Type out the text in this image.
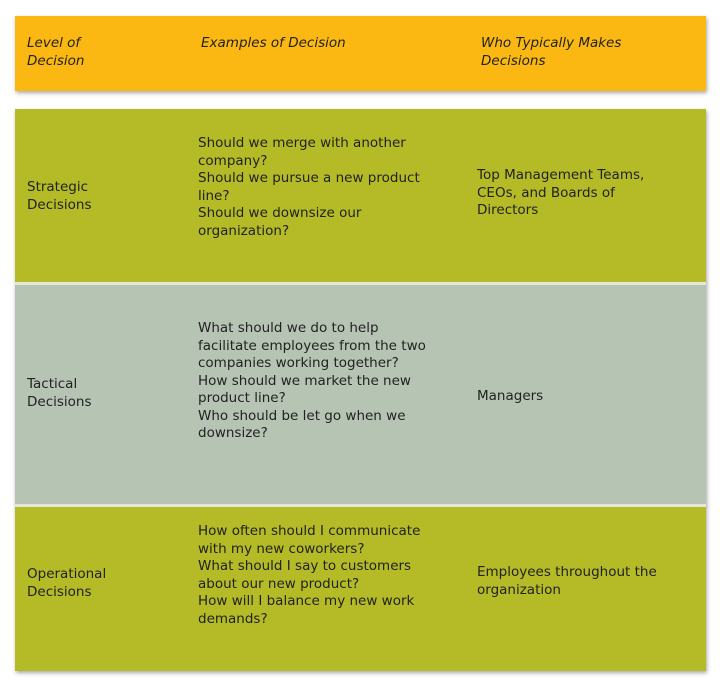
Level of Decision
Examples of Decision	Who Typically Makes Decisions
Strategic
Decisions
Should we merge with another
company?
Should we pursue a new product
line?
Should we downsize our
organization?
Top Management Teams,
CEOs, and Boards of
Directors
Tactical
Decisions
What should we do to help
facilitate employees from the two
companies working together?
How should we market the new
product line?
Who should be let go when we
downsize?
Managers
Operational
Decisions
How often should I communicate
with my new coworkers?
What should I say to customers
about our new product?
How will I balance my new work
demands?
Employees throughout the
organization
